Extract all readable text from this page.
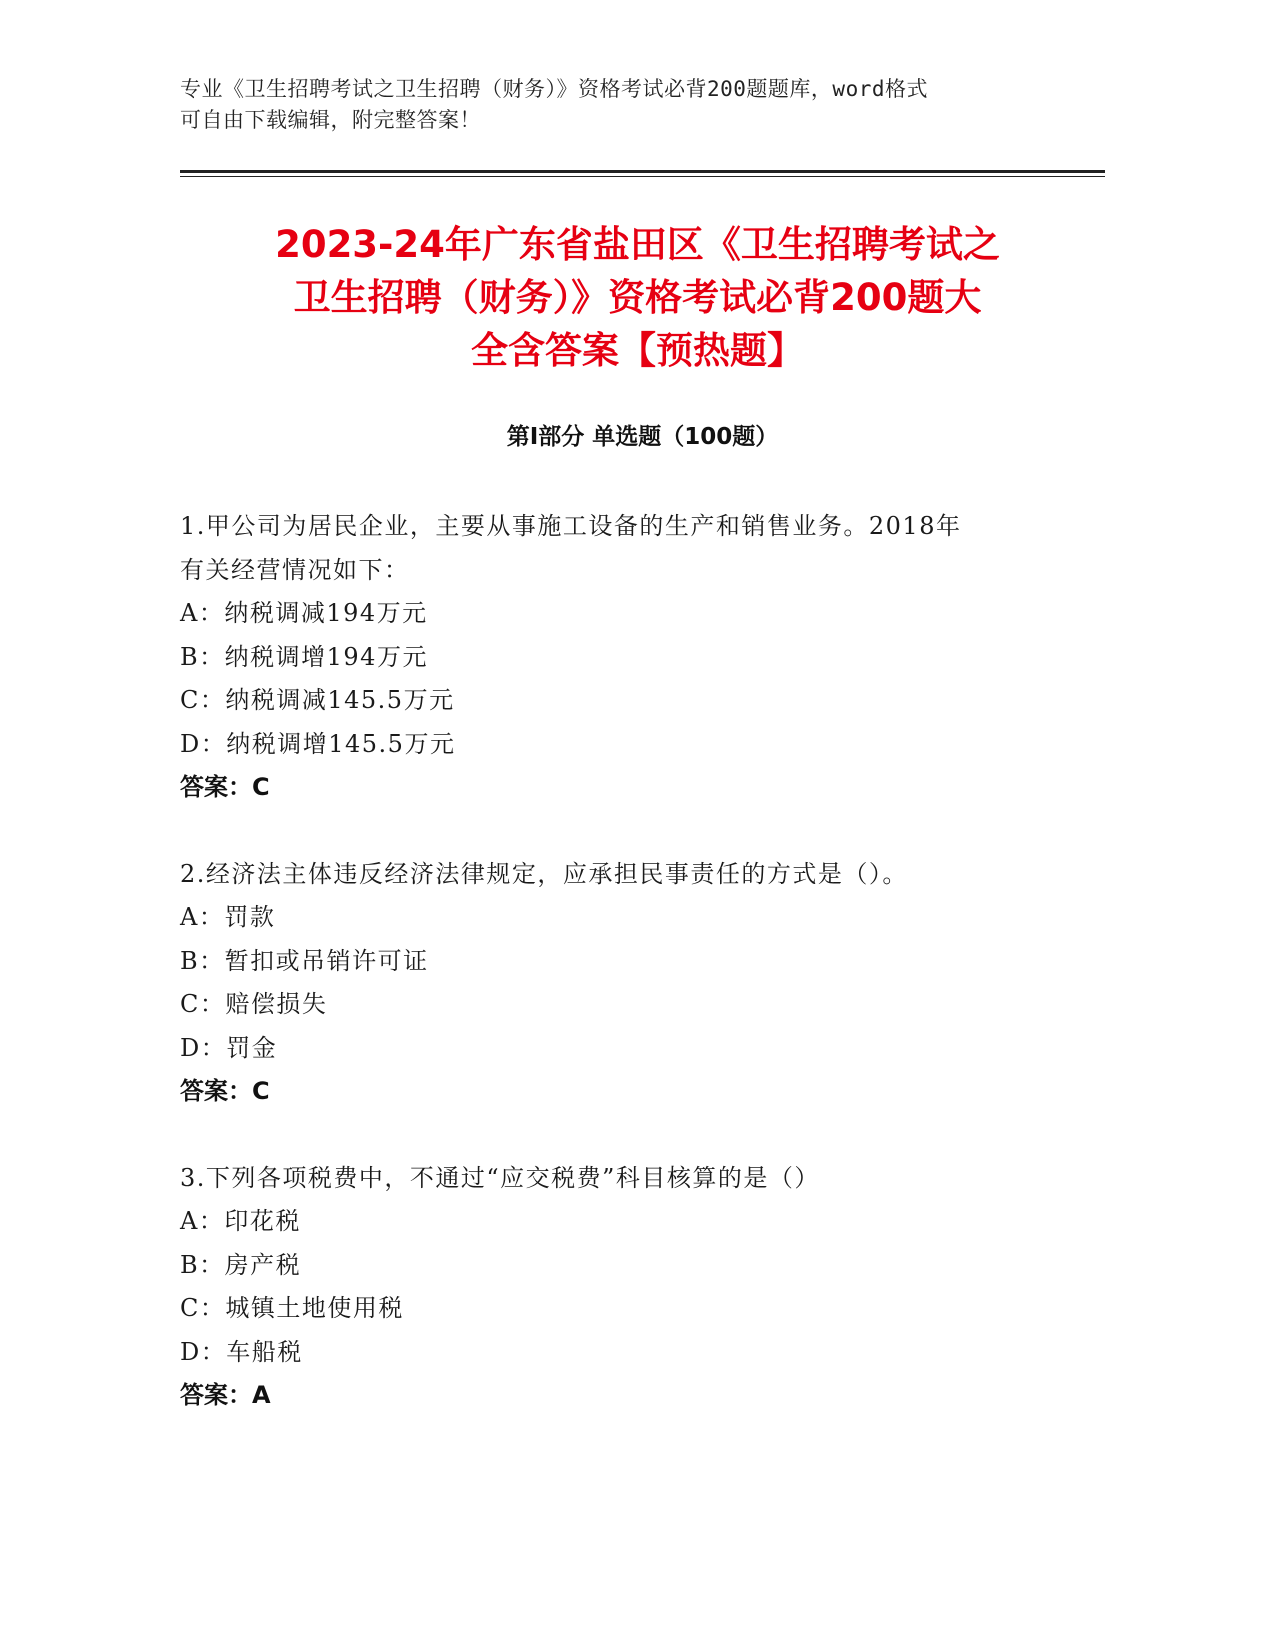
专业《卫生招聘考试之卫生招聘（财务）》资格考试必背200题题库，word格式
可自由下载编辑，附完整答案！
2023-24年广东省盐田区《卫生招聘考试之
卫生招聘（财务）》资格考试必背200题大
全含答案【预热题】
第Ⅰ部分 单选题（100题）
1.甲公司为居民企业，主要从事施工设备的生产和销售业务。2018年
有关经营情况如下：
A：纳税调减194万元
B：纳税调增194万元
C：纳税调减145.5万元
D：纳税调增145.5万元
答案：C
2.经济法主体违反经济法律规定，应承担民事责任的方式是（）。
A：罚款
B：暂扣或吊销许可证
C：赔偿损失
D：罚金
答案：C
3.下列各项税费中，不通过“应交税费”科目核算的是（）
A：印花税
B：房产税
C：城镇土地使用税
D：车船税
答案：A
